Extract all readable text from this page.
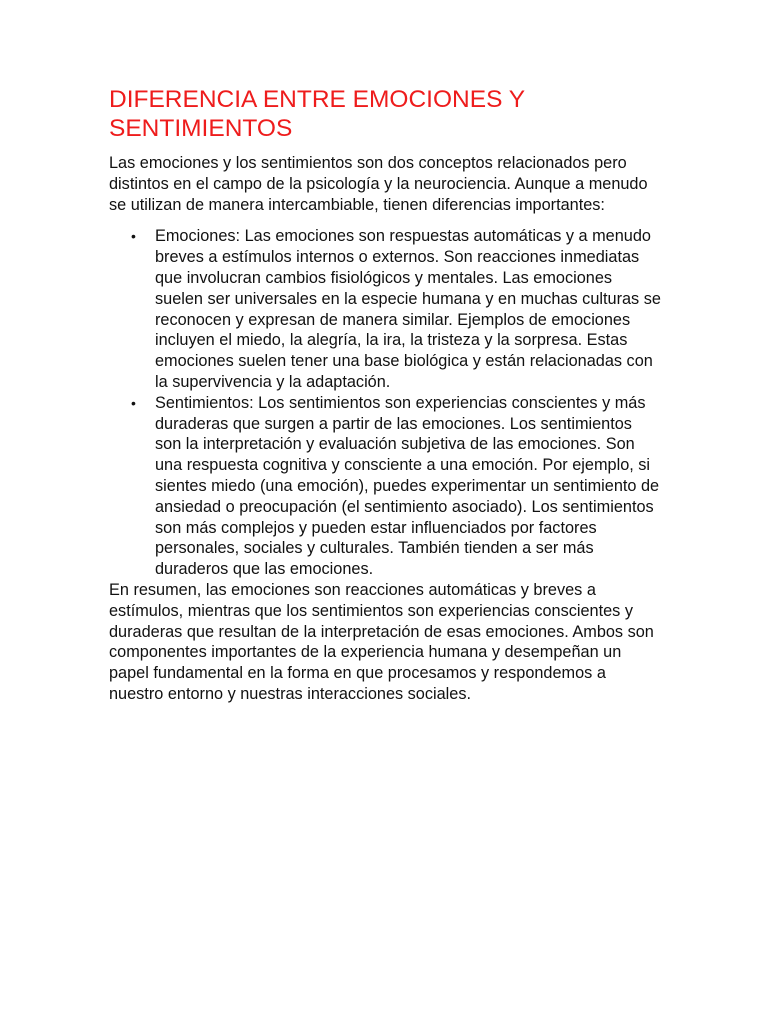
DIFERENCIA ENTRE EMOCIONES Y SENTIMIENTOS

Las emociones y los sentimientos son dos conceptos relacionados pero distintos en el campo de la psicología y la neurociencia. Aunque a menudo se utilizan de manera intercambiable, tienen diferencias importantes:

• Emociones: Las emociones son respuestas automáticas y a menudo breves a estímulos internos o externos. Son reacciones inmediatas que involucran cambios fisiológicos y mentales. Las emociones suelen ser universales en la especie humana y en muchas culturas se reconocen y expresan de manera similar. Ejemplos de emociones incluyen el miedo, la alegría, la ira, la tristeza y la sorpresa. Estas emociones suelen tener una base biológica y están relacionadas con la supervivencia y la adaptación.
• Sentimientos: Los sentimientos son experiencias conscientes y más duraderas que surgen a partir de las emociones. Los sentimientos son la interpretación y evaluación subjetiva de las emociones. Son una respuesta cognitiva y consciente a una emoción. Por ejemplo, si sientes miedo (una emoción), puedes experimentar un sentimiento de ansiedad o preocupación (el sentimiento asociado). Los sentimientos son más complejos y pueden estar influenciados por factores personales, sociales y culturales. También tienden a ser más duraderos que las emociones.

En resumen, las emociones son reacciones automáticas y breves a estímulos, mientras que los sentimientos son experiencias conscientes y duraderas que resultan de la interpretación de esas emociones. Ambos son componentes importantes de la experiencia humana y desempeñan un papel fundamental en la forma en que procesamos y respondemos a nuestro entorno y nuestras interacciones sociales.
